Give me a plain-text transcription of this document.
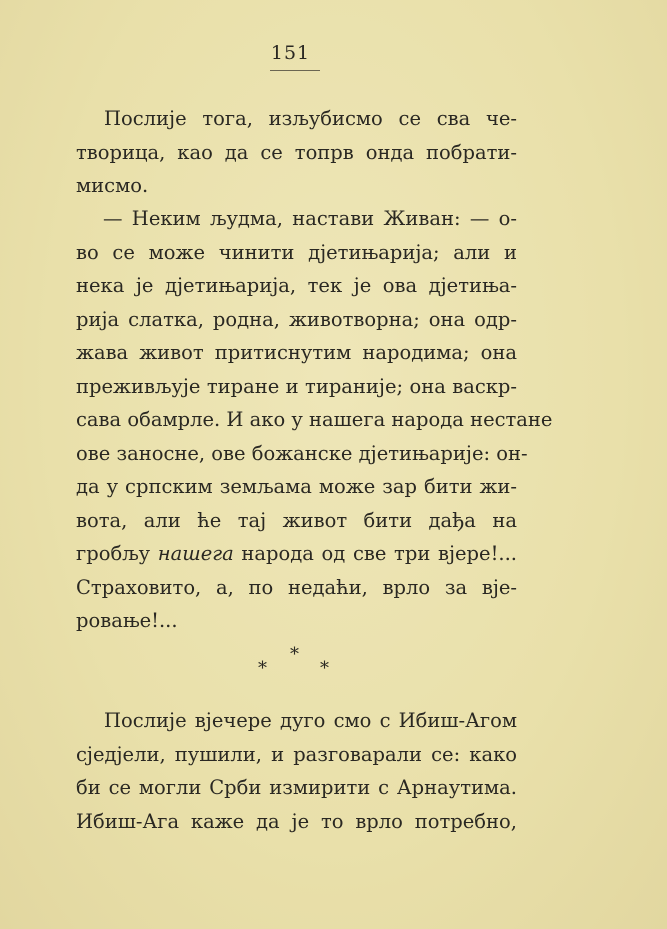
151
Послије тога, изљубисмо се сва че-
творица, као да се топрв онда побрати-
мисмо.
— Неким људма, настави Живан: — о-
во се може чинити дјетињарија; али и
нека је дјетињарија, тек је ова дјетиња-
рија слатка, родна, животворна; она одр-
жава живот притиснутим народима; она
преживљује тиране и тираније; она васкр-
сава обамрле. И ако у нашега народа нестане
ове заносне, ове божанске дјетињарије: он-
да у српским земљама може зар бити жи-
вота, али ће тај живот бити дађа на
гробљу нашега народа од све три вјере!...
Страховито, а, по недаћи, врло за вје-
ровање!...
*
*	*
Послије вјечере дуго смо с Ибиш-Агом
сједјели, пушили, и разговарали се: како
би се могли Срби измирити с Арнаутима.
Ибиш-Ага каже да је то врло потребно,
